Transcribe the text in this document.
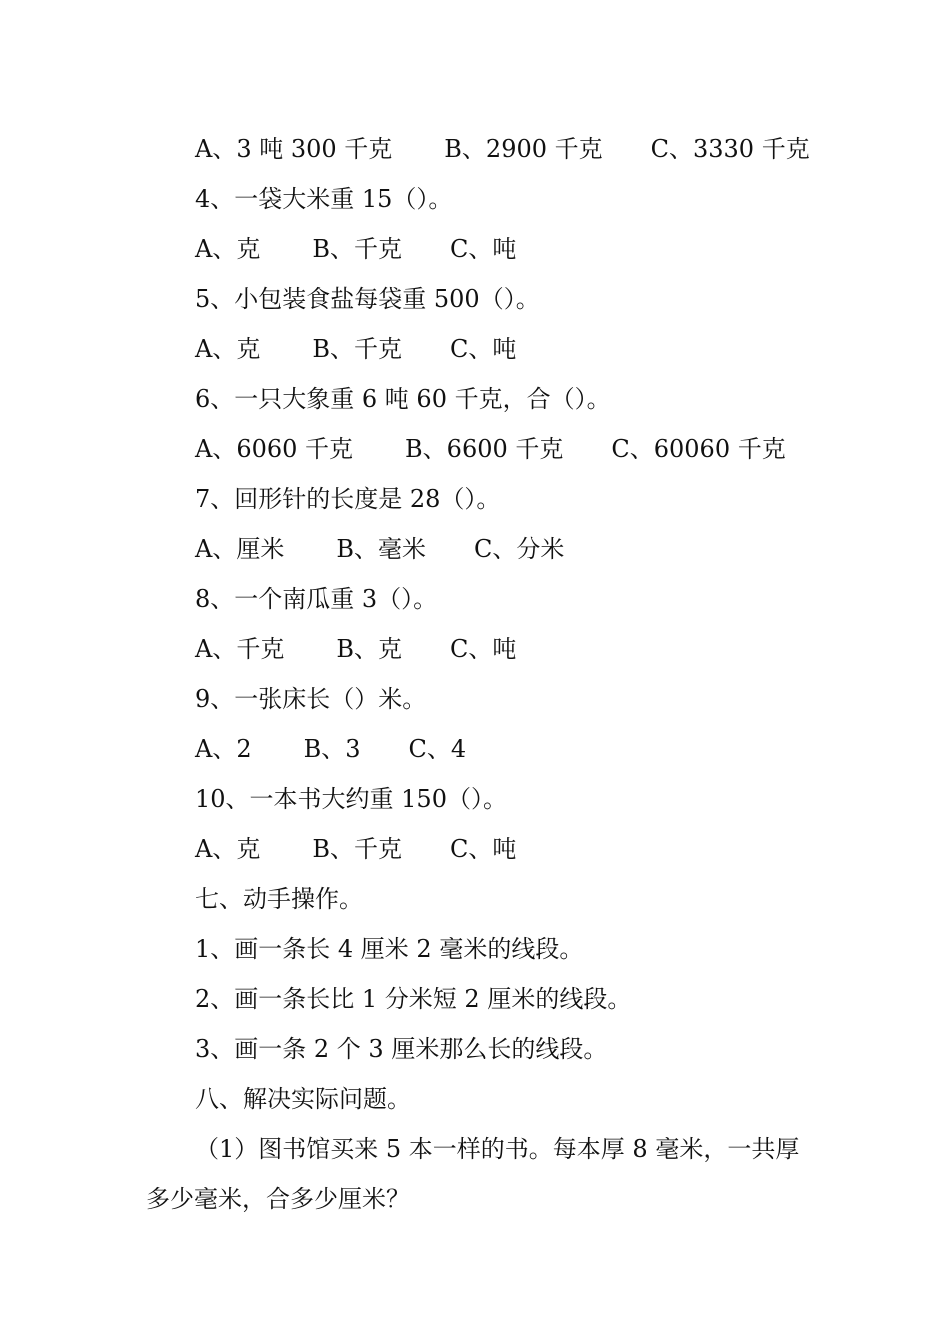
A、3 吨 300 千克 B、2900 千克 C、3330 千克
4、一袋大米重 15（）。
A、克 B、千克 C、吨
5、小包装食盐每袋重 500（）。
A、克 B、千克 C、吨
6、一只大象重 6 吨 60 千克，合（）。
A、6060 千克 B、6600 千克 C、60060 千克
7、回形针的长度是 28（）。
A、厘米 B、毫米 C、分米
8、一个南瓜重 3（）。
A、千克 B、克 C、吨
9、一张床长（）米。
A、2 B、3 C、4
10、一本书大约重 150（）。
A、克 B、千克 C、吨
七、动手操作。
1、画一条长 4 厘米 2 毫米的线段。
2、画一条长比 1 分米短 2 厘米的线段。
3、画一条 2 个 3 厘米那么长的线段。
八、解决实际问题。
（1）图书馆买来 5 本一样的书。每本厚 8 毫米，一共厚多少毫米，合多少厘米？
